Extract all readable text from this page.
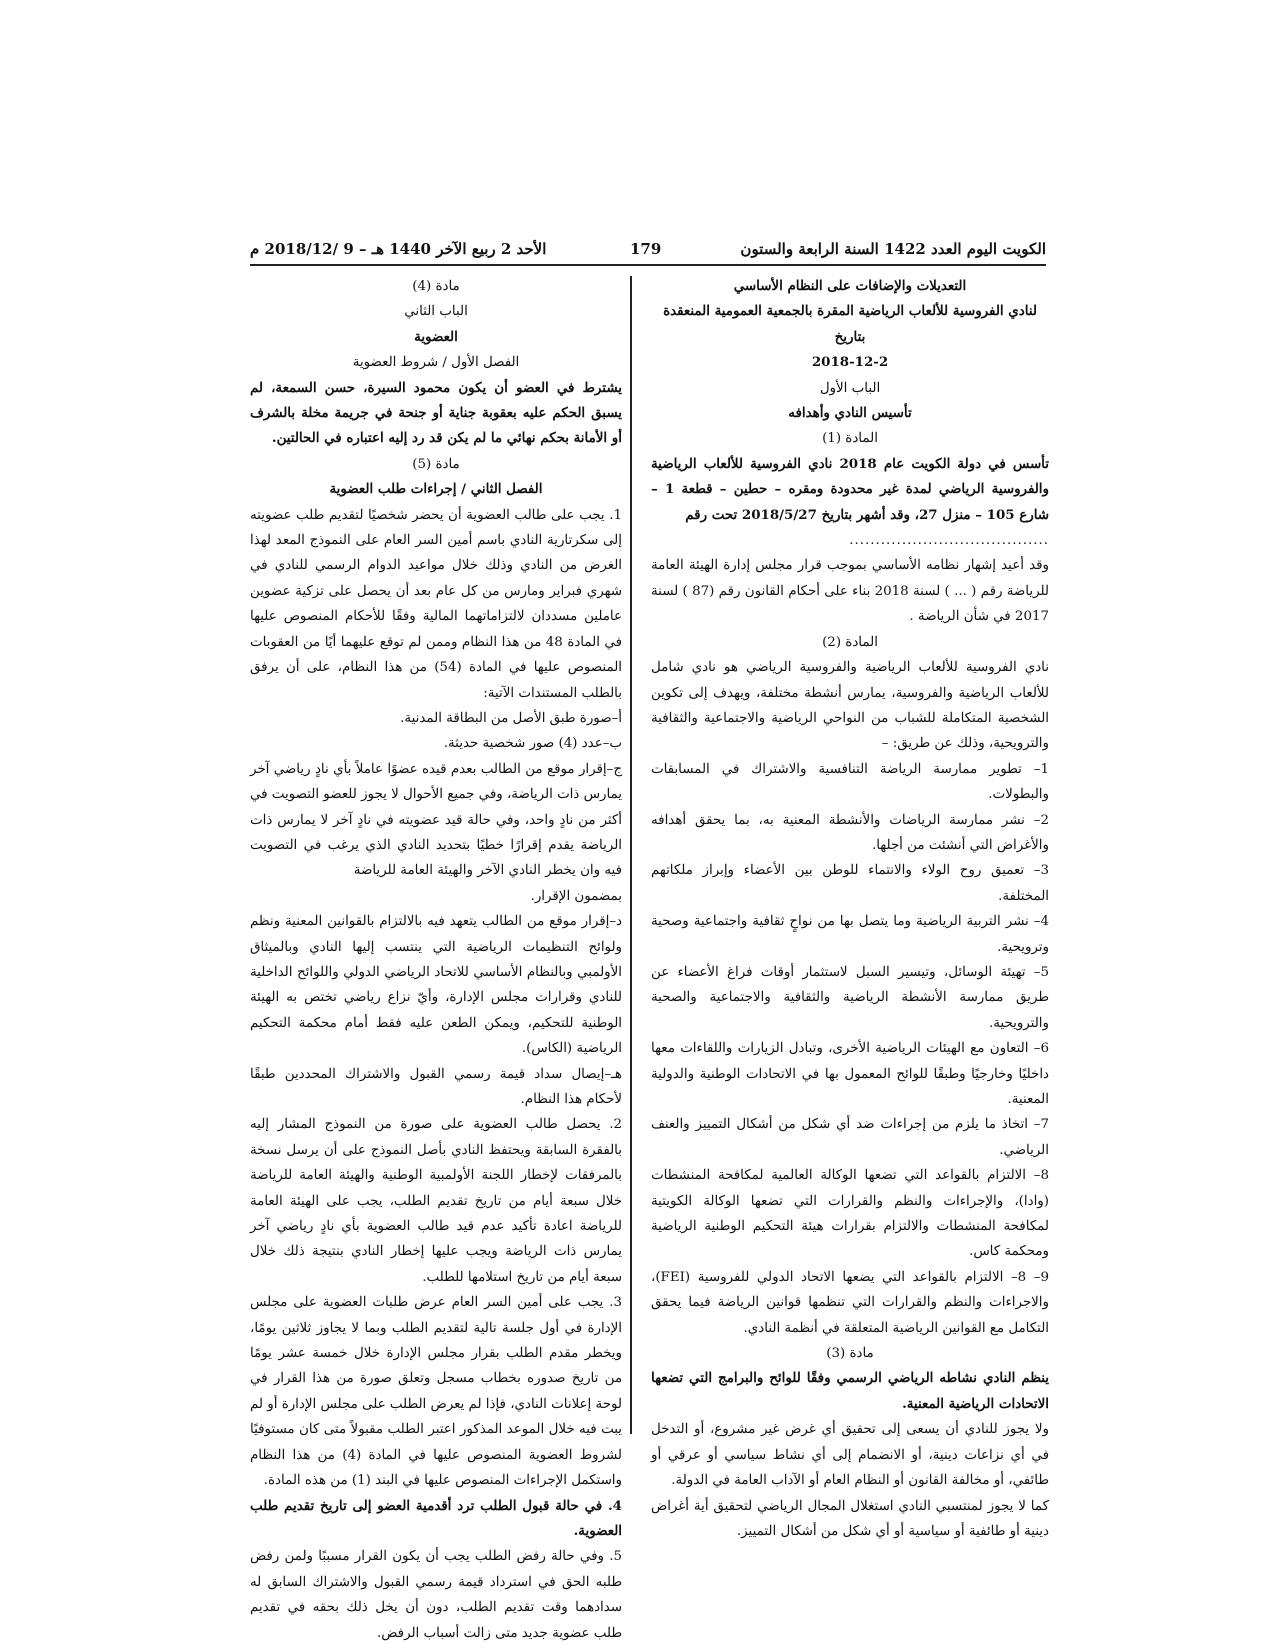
الكويت اليوم العدد 1422 السنة الرابعة والستون
179
الأحد 2 ربيع الآخر 1440 هـ – 9 /2018/12 م

التعديلات والإضافات على النظام الأساسي

لنادي الفروسية للألعاب الرياضية المقرة بالجمعية العمومية المنعقدة بتاريخ

2018-12-2

الباب الأول

تأسيس النادي وأهدافه

المادة (1)

تأسس في دولة الكويت عام 2018 نادي الفروسية للألعاب الرياضية والفروسية الرياضي لمدة غير محدودة ومقره – حطين – قطعة 1 – شارع 105 – منزل 27، وقد أشهر بتاريخ 2018/5/27 تحت رقم

......................................

وقد أعيد إشهار نظامه الأساسي بموجب قرار مجلس إدارة الهيئة العامة للرياضة رقم ( ... ) لسنة 2018 بناء على أحكام القانون رقم (87 ) لسنة 2017 في شأن الرياضة .

المادة (2)

نادي الفروسية للألعاب الرياضية والفروسية الرياضي هو نادي شامل للألعاب الرياضية والفروسية، يمارس أنشطة مختلفة، ويهدف إلى تكوين الشخصية المتكاملة للشباب من النواحي الرياضية والاجتماعية والثقافية والترويحية، وذلك عن طريق: –

1– تطوير ممارسة الرياضة التنافسية والاشتراك في المسابقات والبطولات.

2– نشر ممارسة الرياضات والأنشطة المعنية به، بما يحقق أهدافه والأغراض التي أنشئت من أجلها.

3– تعميق روح الولاء والانتماء للوطن بين الأعضاء وإبراز ملكاتهم المختلفة.

4– نشر التربية الرياضية وما يتصل بها من نواحٍ ثقافية واجتماعية وصحية وترويحية.

5– تهيئة الوسائل، وتيسير السبل لاستثمار أوقات فراغ الأعضاء عن طريق ممارسة الأنشطة الرياضية والثقافية والاجتماعية والصحية والترويحية.

6– التعاون مع الهيئات الرياضية الأخرى، وتبادل الزيارات واللقاءات معها داخليًا وخارجيًا وطبقًا للوائح المعمول بها في الاتحادات الوطنية والدولية المعنية.

7– اتخاذ ما يلزم من إجراءات ضد أي شكل من أشكال التمييز والعنف الرياضي.

8– الالتزام بالقواعد التي تضعها الوكالة العالمية لمكافحة المنشطات (وادا)، والإجراءات والنظم والقرارات التي تضعها الوكالة الكويتية لمكافحة المنشطات والالتزام بقرارات هيئة التحكيم الوطنية الرياضية ومحكمة كاس.

9– 8– الالتزام بالقواعد التي يضعها الاتحاد الدولي للفروسية (FEI)، والاجراءات والنظم والقرارات التي تنظمها قوانين الرياضة فيما يحقق التكامل مع القوانين الرياضية المتعلقة في أنظمة النادي.

مادة (3)

ينظم النادي نشاطه الرياضي الرسمي وفقًا للوائح والبرامج التي تضعها الاتحادات الرياضية المعنية.

ولا يجوز للنادي أن يسعى إلى تحقيق أي غرض غير مشروع، أو التدخل في أي نزاعات دينية، أو الانضمام إلى أي نشاط سياسي أو عرقي أو طائفي، أو مخالفة القانون أو النظام العام أو الآداب العامة في الدولة.

كما لا يجوز لمنتسبي النادي استغلال المجال الرياضي لتحقيق أية أغراض دينية أو طائفية أو سياسية أو أي شكل من أشكال التمييز.

مادة (4)

الباب الثاني

العضوية

الفصل الأول / شروط العضوية

يشترط في العضو أن يكون محمود السيرة، حسن السمعة، لم يسبق الحكم عليه بعقوبة جناية أو جنحة في جريمة مخلة بالشرف أو الأمانة بحكم نهائي ما لم يكن قد رد إليه اعتباره في الحالتين.

مادة (5)

الفصل الثاني / إجراءات طلب العضوية

1. يجب على طالب العضوية أن يحضر شخصيًا لتقديم طلب عضويته إلى سكرتارية النادي باسم أمين السر العام على النموذج المعد لهذا الغرض من النادي وذلك خلال مواعيد الدوام الرسمي للنادي في شهري فبراير ومارس من كل عام بعد أن يحصل على تزكية عضوين عاملين مسددان لالتزاماتهما المالية وفقًا للأحكام المنصوص عليها في المادة 48 من هذا النظام وممن لم توقع عليهما أيًا من العقوبات المنصوص عليها في المادة (54) من هذا النظام، على أن يرفق بالطلب المستندات الآتية:

أ–صورة طبق الأصل من البطاقة المدنية.

ب–عدد (4) صور شخصية حديثة.

ج–إقرار موقع من الطالب بعدم قيده عضوًا عاملاً بأي نادٍ رياضي آخر يمارس ذات الرياضة، وفي جميع الأحوال لا يجوز للعضو التصويت في أكثر من نادٍ واحد، وفي حالة قيد عضويته في نادٍ آخر لا يمارس ذات الرياضة يقدم إقرارًا خطيًا بتحديد النادي الذي يرغب في التصويت فيه وان يخطر النادي الآخر والهيئة العامة للرياضة

بمضمون الإقرار.

د–إقرار موقع من الطالب يتعهد فيه بالالتزام بالقوانين المعنية ونظم ولوائح التنظيمات الرياضية التي ينتسب إليها النادي وبالميثاق الأولمبي وبالنظام الأساسي للاتحاد الرياضي الدولي واللوائح الداخلية للنادي وقرارات مجلس الإدارة، وأيّ نزاع رياضي تختص به الهيئة الوطنية للتحكيم، ويمكن الطعن عليه فقط أمام محكمة التحكيم الرياضية (الكاس).

هـ–إيصال سداد قيمة رسمي القبول والاشتراك المحددين طبقًا لأحكام هذا النظام.

2. يحصل طالب العضوية على صورة من النموذج المشار إليه بالفقرة السابقة ويحتفظ النادي بأصل النموذج على أن يرسل نسخة بالمرفقات لإخطار اللجنة الأولمبية الوطنية والهيئة العامة للرياضة خلال سبعة أيام من تاريخ تقديم الطلب، يجب على الهيئة العامة للرياضة اعادة تأكيد عدم قيد طالب العضوية بأي نادٍ رياضي آخر يمارس ذات الرياضة ويجب عليها إخطار النادي بنتيجة ذلك خلال سبعة أيام من تاريخ استلامها للطلب.

3. يجب على أمين السر العام عرض طلبات العضوية على مجلس الإدارة في أول جلسة تالية لتقديم الطلب وبما لا يجاوز ثلاثين يومًا، ويخطر مقدم الطلب بقرار مجلس الإدارة خلال خمسة عشر يومًا من تاريخ صدوره بخطاب مسجل وتعلق صورة من هذا القرار في لوحة إعلانات النادي، فإذا لم يعرض الطلب على مجلس الإدارة أو لم يبت فيه خلال الموعد المذكور اعتبر الطلب مقبولاً متى كان مستوفيًا لشروط العضوية المنصوص عليها في المادة (4) من هذا النظام واستكمل الإجراءات المنصوص عليها في البند (1) من هذه المادة.

4. في حالة قبول الطلب ترد أقدمية العضو إلى تاريخ تقديم طلب العضوية.

5. وفي حالة رفض الطلب يجب أن يكون القرار مسببًا ولمن رفض طلبه الحق في استرداد قيمة رسمي القبول والاشتراك السابق له سدادهما وقت تقديم الطلب، دون أن يخل ذلك بحقه في تقديم طلب عضوية جديد متى زالت أسباب الرفض.
